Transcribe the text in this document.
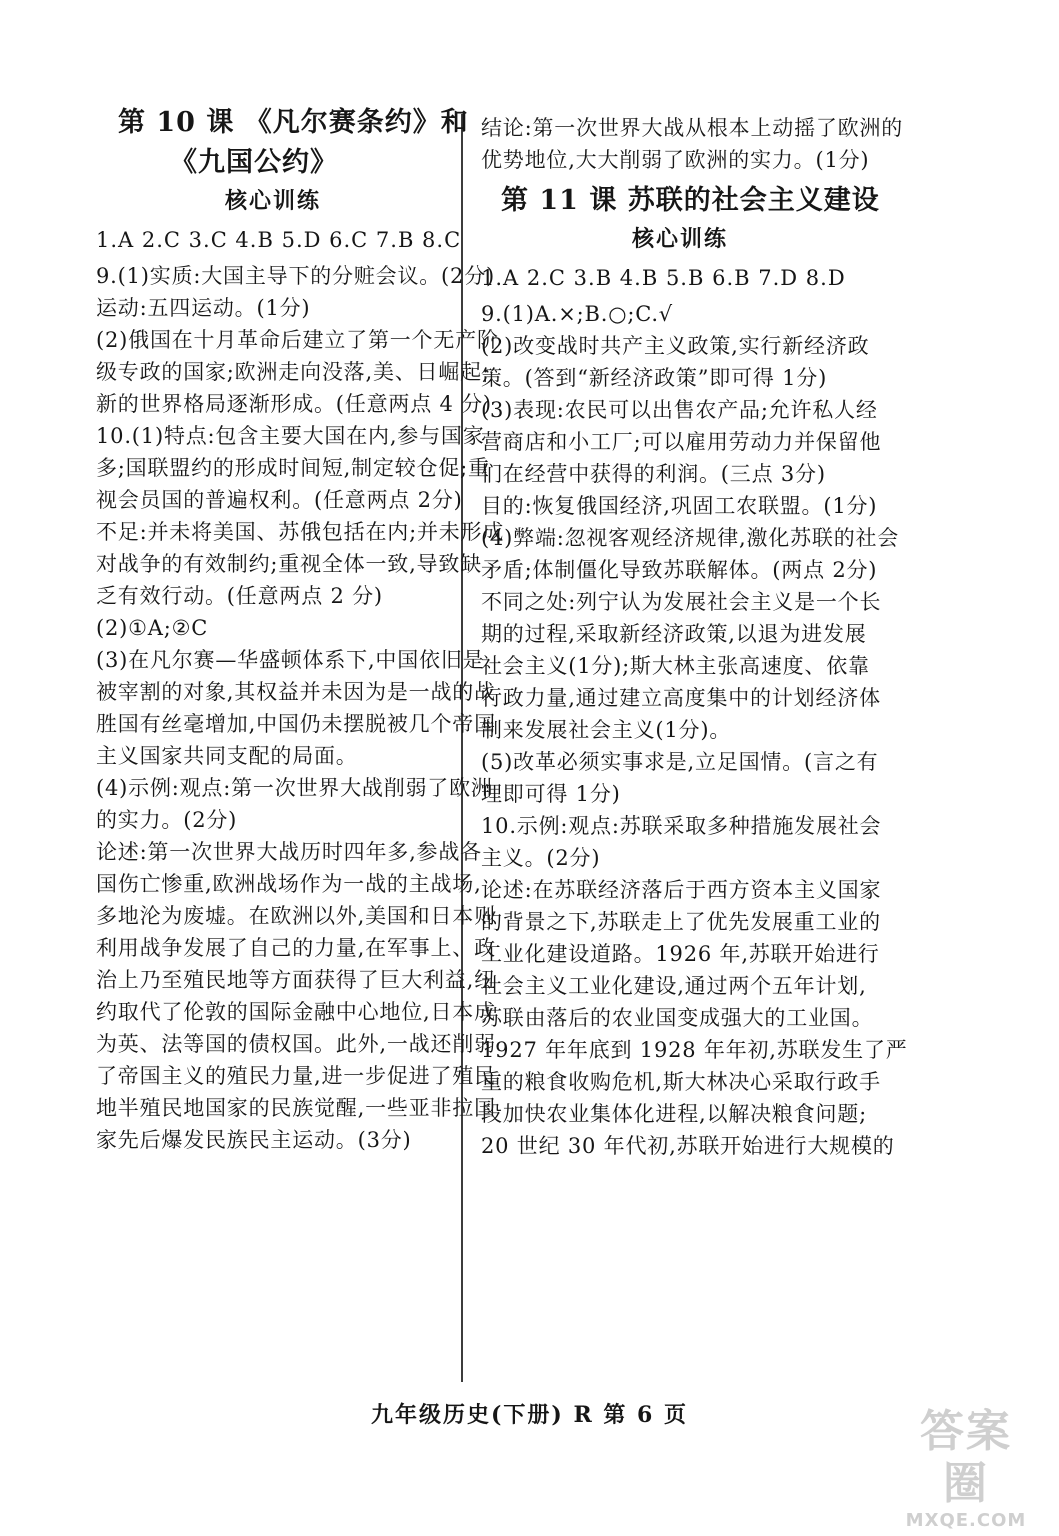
第 10 课 《凡尔赛条约》和
《九国公约》
核心训练
1.A 2.C 3.C 4.B 5.D 6.C 7.B 8.C
9.(1)实质:大国主导下的分赃会议。(2分)
运动:五四运动。(1分)
(2)俄国在十月革命后建立了第一个无产阶
级专政的国家;欧洲走向没落,美、日崛起;
新的世界格局逐渐形成。(任意两点 4 分)
10.(1)特点:包含主要大国在内,参与国家
多;国联盟约的形成时间短,制定较仓促;重
视会员国的普遍权利。(任意两点 2分)
不足:并未将美国、苏俄包括在内;并未形成
对战争的有效制约;重视全体一致,导致缺
乏有效行动。(任意两点 2 分)
(2)①A;②C
(3)在凡尔赛—华盛顿体系下,中国依旧是
被宰割的对象,其权益并未因为是一战的战
胜国有丝毫增加,中国仍未摆脱被几个帝国
主义国家共同支配的局面。
(4)示例:观点:第一次世界大战削弱了欧洲
的实力。(2分)
论述:第一次世界大战历时四年多,参战各
国伤亡惨重,欧洲战场作为一战的主战场,
多地沦为废墟。在欧洲以外,美国和日本则
利用战争发展了自己的力量,在军事上、政
治上乃至殖民地等方面获得了巨大利益,纽
约取代了伦敦的国际金融中心地位,日本成
为英、法等国的债权国。此外,一战还削弱
了帝国主义的殖民力量,进一步促进了殖民
地半殖民地国家的民族觉醒,一些亚非拉国
家先后爆发民族民主运动。(3分)
结论:第一次世界大战从根本上动摇了欧洲的
优势地位,大大削弱了欧洲的实力。(1分)
第 11 课 苏联的社会主义建设
核心训练
1.A 2.C 3.B 4.B 5.B 6.B 7.D 8.D
9.(1)A.×;B.○;C.√
(2)改变战时共产主义政策,实行新经济政
策。(答到“新经济政策”即可得 1分)
(3)表现:农民可以出售农产品;允许私人经
营商店和小工厂;可以雇用劳动力并保留他
们在经营中获得的利润。(三点 3分)
目的:恢复俄国经济,巩固工农联盟。(1分)
(4)弊端:忽视客观经济规律,激化苏联的社会
矛盾;体制僵化导致苏联解体。(两点 2分)
不同之处:列宁认为发展社会主义是一个长
期的过程,采取新经济政策,以退为进发展
社会主义(1分);斯大林主张高速度、依靠
行政力量,通过建立高度集中的计划经济体
制来发展社会主义(1分)。
(5)改革必须实事求是,立足国情。(言之有
理即可得 1分)
10.示例:观点:苏联采取多种措施发展社会
主义。(2分)
论述:在苏联经济落后于西方资本主义国家
的背景之下,苏联走上了优先发展重工业的
工业化建设道路。1926 年,苏联开始进行
社会主义工业化建设,通过两个五年计划,
苏联由落后的农业国变成强大的工业国。
1927 年年底到 1928 年年初,苏联发生了严
重的粮食收购危机,斯大林决心采取行政手
段加快农业集体化进程,以解决粮食问题;
20 世纪 30 年代初,苏联开始进行大规模的
九年级历史(下册) R 第 6 页	答案圈
MXQE.COM
